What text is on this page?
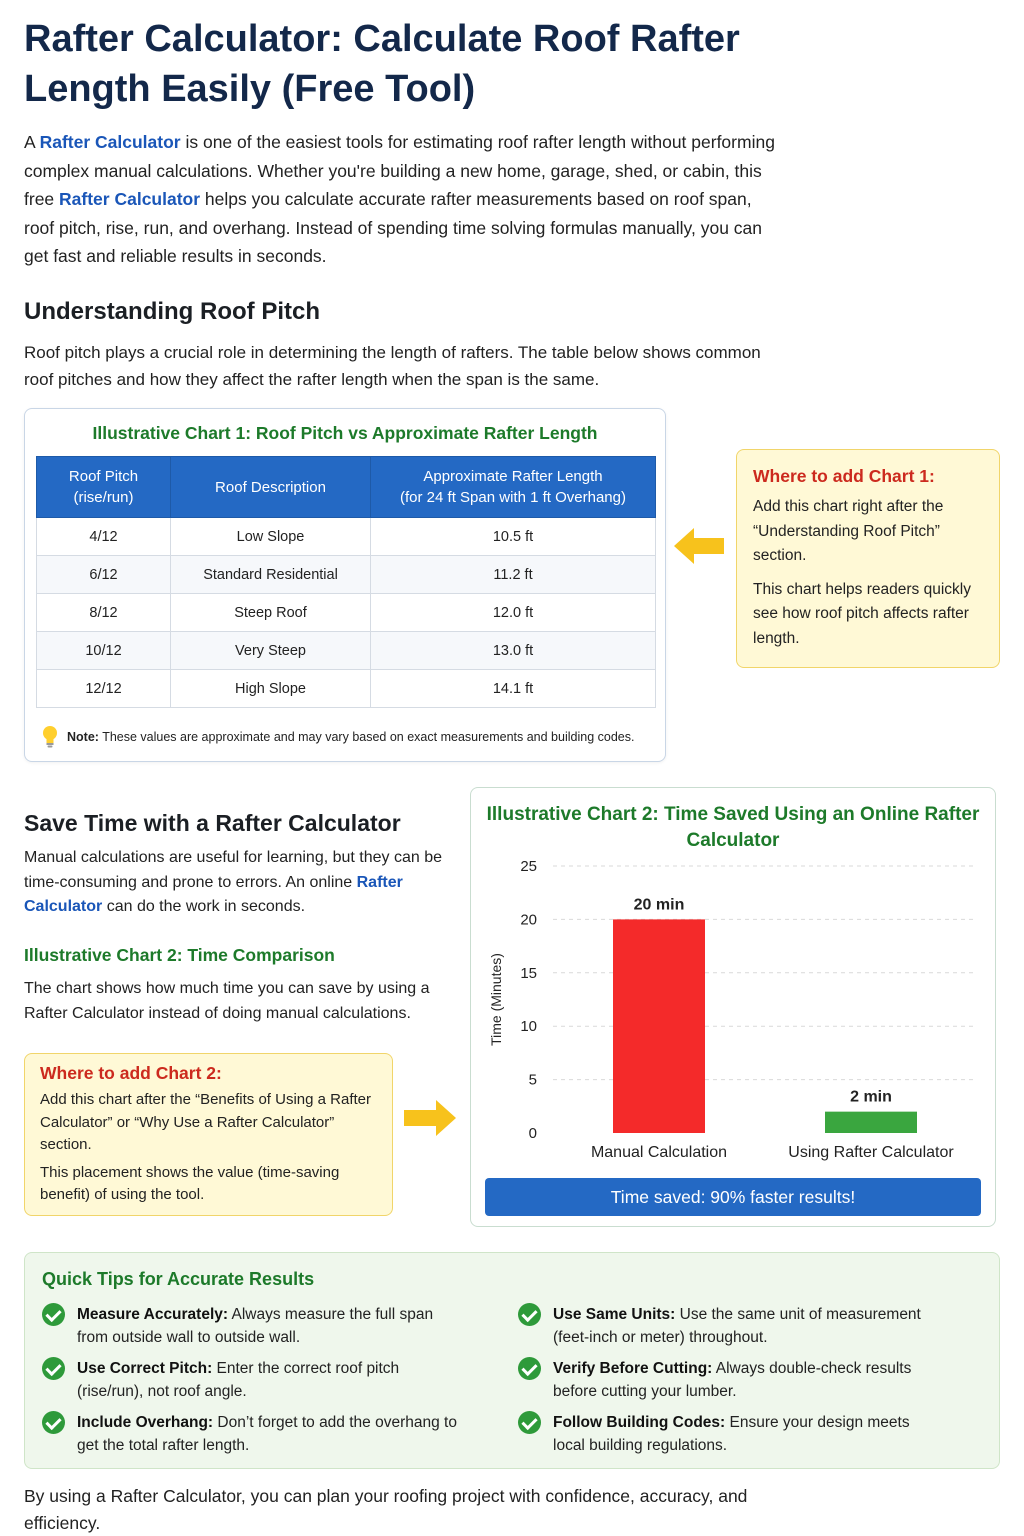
Rafter Calculator: Calculate Roof Rafter Length Easily (Free Tool)

A Rafter Calculator is one of the easiest tools for estimating roof rafter length without performing complex manual calculations. Whether you're building a new home, garage, shed, or cabin, this free Rafter Calculator helps you calculate accurate rafter measurements based on roof span, roof pitch, rise, run, and overhang. Instead of spending time solving formulas manually, you can get fast and reliable results in seconds.

Understanding Roof Pitch

Roof pitch plays a crucial role in determining the length of rafters. The table below shows common roof pitches and how they affect the rafter length when the span is the same.

Illustrative Chart 1: Roof Pitch vs Approximate Rafter Length
Roof Pitch
(rise/run)	Roof Description	Approximate Rafter Length
(for 24 ft Span with 1 ft Overhang)
4/12	Low Slope	10.5 ft
6/12	Standard Residential	11.2 ft
8/12	Steep Roof	12.0 ft
10/12	Very Steep	13.0 ft
12/12	High Slope	14.1 ft
Note: These values are approximate and may vary based on exact measurements and building codes.
Where to add Chart 1:

Add this chart right after the “Understanding Roof Pitch” section.

This chart helps readers quickly see how roof pitch affects rafter length.

Save Time with a Rafter Calculator

Manual calculations are useful for learning, but they can be time-consuming and prone to errors. An online Rafter Calculator can do the work in seconds.

Illustrative Chart 2: Time Comparison

The chart shows how much time you can save by using a Rafter Calculator instead of doing manual calculations.

Where to add Chart 2:

Add this chart after the “Benefits of Using a Rafter Calculator” or “Why Use a Rafter Calculator” section.

This placement shows the value (time-saving benefit) of using the tool.

Illustrative Chart 2: Time Saved Using an Online Rafter Calculator
0
5
10
15
20
25
Time (Minutes)
20 min
Manual Calculation
2 min
Using Rafter Calculator
Time saved: 90% faster results!
Quick Tips for Accurate Results
Measure Accurately: Always measure the full span from outside wall to outside wall.
Use Correct Pitch: Enter the correct roof pitch (rise/run), not roof angle.
Include Overhang: Don’t forget to add the overhang to get the total rafter length.
Use Same Units: Use the same unit of measurement (feet-inch or meter) throughout.
Verify Before Cutting: Always double-check results before cutting your lumber.
Follow Building Codes: Ensure your design meets local building regulations.

By using a Rafter Calculator, you can plan your roofing project with confidence, accuracy, and efficiency.
